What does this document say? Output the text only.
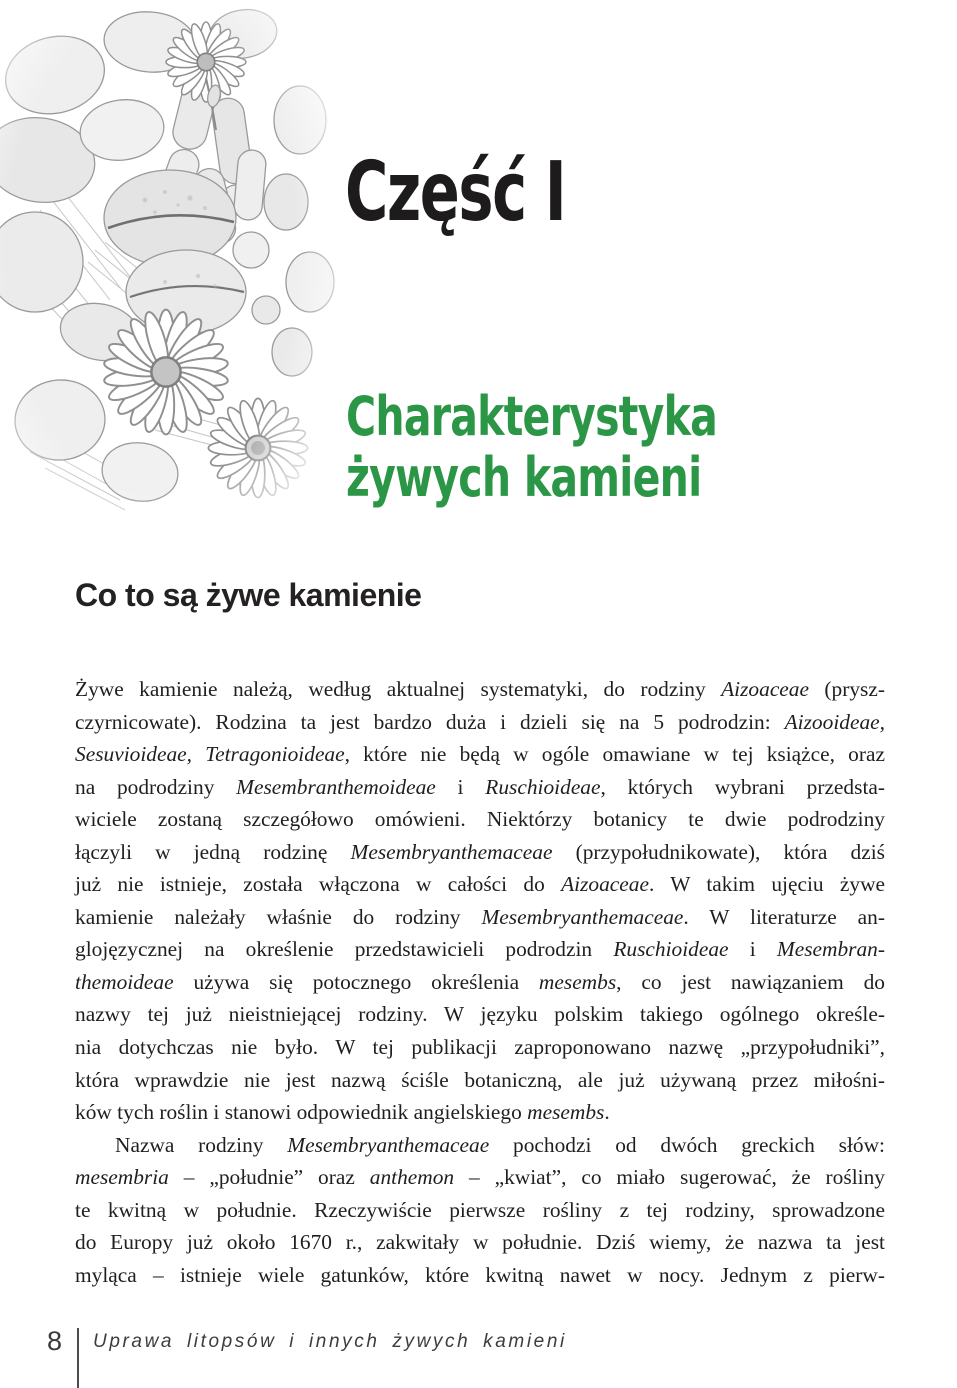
Część I
Charakterystyka
żywych kamieni
Co to są żywe kamienie
Żywe kamienie należą, według aktualnej systematyki, do rodziny Aizoaceae (prysz-
czyrnicowate). Rodzina ta jest bardzo duża i dzieli się na 5 podrodzin: Aizooideae,
Sesuvioideae, Tetragonioideae, które nie będą w ogóle omawiane w tej książce, oraz
na podrodziny Mesembranthemoideae i Ruschioideae, których wybrani przedsta-
wiciele zostaną szczegółowo omówieni. Niektórzy botanicy te dwie podrodziny
łączyli w jedną rodzinę Mesembryanthemaceae (przypołudnikowate), która dziś
już nie istnieje, została włączona w całości do Aizoaceae. W takim ujęciu żywe
kamienie należały właśnie do rodziny Mesembryanthemaceae. W literaturze an-
glojęzycznej na określenie przedstawicieli podrodzin Ruschioideae i Mesembran-
themoideae używa się potocznego określenia mesembs, co jest nawiązaniem do
nazwy tej już nieistniejącej rodziny. W języku polskim takiego ogólnego określe-
nia dotychczas nie było. W tej publikacji zaproponowano nazwę „przypołudniki”,
która wprawdzie nie jest nazwą ściśle botaniczną, ale już używaną przez miłośni-
ków tych roślin i stanowi odpowiednik angielskiego mesembs.
Nazwa rodziny Mesembryanthemaceae pochodzi od dwóch greckich słów:
mesembria – „południe” oraz anthemon – „kwiat”, co miało sugerować, że rośliny
te kwitną w południe. Rzeczywiście pierwsze rośliny z tej rodziny, sprowadzone
do Europy już około 1670 r., zakwitały w południe. Dziś wiemy, że nazwa ta jest
myląca – istnieje wiele gatunków, które kwitną nawet w nocy. Jednym z pierw-
8 Uprawa litopsów i innych żywych kamieni
